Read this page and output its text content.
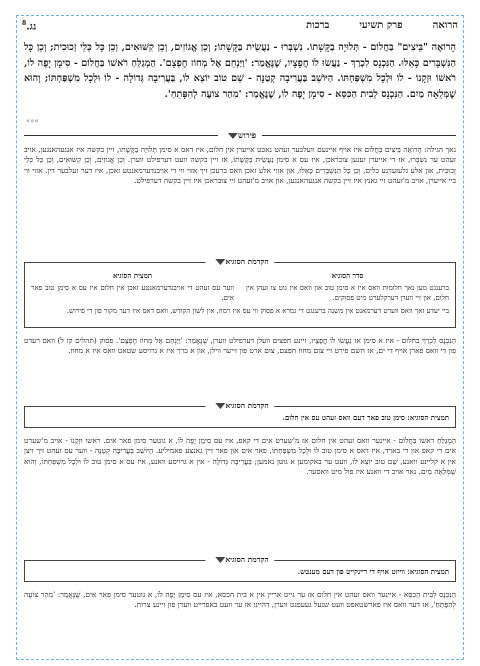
הרואה
פרק תשיעי
ברכות
נג.$^8$
הָרוֹאֶה "בֵּיצִים" בַּחֲלוֹם - תְּלוּיָה בַקָּשָׁתוֹ. נִשְׁבְּרוּ - נַעֲשֵׂית בַּקָּשָׁתוֹ; וְכֵן אֱגוֹזִים, וְכֵן קִשּׁוּאִים, וְכֵן כָּל כְּלֵי זְכוּכִית; וְכֵן כָּל הַנִּשְׁבָּרִים כָּאֵלּוּ. הַנִּכְנָס לִכְרַךְ - נַעֲשׂוּ לוֹ חֲפָצָיו, שֶׁנֶּאֱמַר: 'וַיַּנְחֵם אֶל מְחוֹז חֶפְצָם'. הַמְגַלֵּחַ רֹאשׁוֹ בַּחֲלוֹם - סִימָן יָפֶה לוֹ, רֹאשׁוֹ וּזְקָנוֹ - לוֹ וּלְכָל מִשְׁפַּחְתּוֹ. הַיּוֹשֵׁב בַּעֲרִיבָה קְטַנָּה - שֵׁם טוֹב יוֹצֵא לוֹ, בַּעֲרִיבָה גְּדוֹלָה - לוֹ וּלְכָל מִשְׁפַּחְתּוֹ; וְהוּא שֶׁמְּלֵאָה מַיִם. הַנִּכְנָס לְבִית הַכִּסֵּא - סִימָן יָפֶה לוֹ, שֶׁנֶּאֱמַר: 'מִהַר צוֹעֶה לְהִפָּתֵחַ'.
«««
פירוש
נאך הגילה: הָרוֹאֶה בֵּיצִים בַּחֲלוֹם איז אויף איינעם וועלכער זעהט נאכט אייערן אין חלום, איז דאס א סימן תְּלוּיָה בַקָּשָׁתוֹ, זיין בקשה איז אנגעהאנגען, אויב זעהט ער נִשְׁבְּרוּ, אז די אייערן זענען צובראכן, איז עס א סימן נַעֲשֵׂית בַּקָּשָׁתוֹ, אז זיין בקשה וועט דערפילט ווערן. וְכֵן אֱגוֹזִים, וְכֵן קִשּׁוּאִים, וְכֵן כָּל כְּלֵי זְכוּכִית, און אלע גלעזערנע כלים, וְכֵן כָּל הַנִּשְׁבָּרִים כָּאֵלּוּ, און אזוי אלע זאכן וואס ברעכן זיך אזוי ווי די אויבנדערמאנטע זאכן, איז דער זעלבער דין. אזוי ווי ביי אייערן, אויב מ'זעהט זיי גאנץ איז זיין בקשה אנגעהאנגען, און אויב מ'זעהט זיי צובראכן איז זיין בקשה דערפילט.
הקדמת הסוגיא
סדר הסוגיא
ברענגט מען נאך חלומות וואס איז א סימן טוב און וואס איז גוט צו זעהן אין חלום, און זיי ווערן דערקלערט מיט פסוקים.
תמצית הסוגיא
ווער עס זעהט די אויבנדערמאנטע זאכן אין חלום איז עס א סימן טוב פאר אים.
ביי יעדע זאך וואס ווערט דערמאנט אין משנה ברענגט די גמרא א פסוק ווי עס איז רמוז, אין לשון הקודש, וואס דאס איז דער מקור פון די פירוש.
הַנִּכְנָס לִכְרַךְ בחלום - איז א סימן אז נַעֲשׂוּ לוֹ חֲפָצָיו, זיינע חפצים וועלן דערפילט ווערן, שֶׁנֶּאֱמַר: 'וַיַּנְחֵם אֶל מְחוֹז חֶפְצָם'. פסוק (תהלים קז ל) וואס רעדט פון די וואס פארן אויף די ים, אז השם פירט זיי צום מחוז חפצם, צום ארט פון זייער ווילן, און א כרך איז א גרויסע שטאט וואס איז א מחוז.
הקדמת הסוגיא
תמצית הסוגיא: סימן טוב פאר דעם וואס זעהט עס אין חלום.
הַמְגַלֵּחַ רֹאשׁוֹ בַּחֲלוֹם - איינער וואס זעהט אין חלום אז מ'שערט אים די קאפ, איז עס סִימָן יָפֶה לוֹ, א גוטער סימן פאר אים. רֹאשׁוֹ וּזְקָנוֹ - אויב מ'שערט אים די קאפ און די בארד, איז דאס א סימן טוב לוֹ וּלְכָל מִשְׁפַּחְתּוֹ, פאר אים און פאר זיין גאנצע פאמיליע. הַיּוֹשֵׁב בַּעֲרִיבָה קְטַנָּה - ווער עס זעהט זיך זיצן אין א קליינע וואנע, שֵׁם טוֹב יוֹצֵא לוֹ, וועט ער באקומען א גוטן נאמען; בַּעֲרִיבָה גְּדוֹלָה - אין א גרויסע וואנע, איז עס א סימן טוב לוֹ וּלְכָל מִשְׁפַּחְתּוֹ, וְהוּא שֶׁמְּלֵאָה מַיִם, נאר אויב די וואנע איז פול מיט וואסער.
הקדמת הסוגיא
תמצית הסוגיא: ווייזט אויף די ריינקייט פון דעם מענטש.
הַנִּכְנָס לְבִית הַכִּסֵּא - איינער וואס זעהט אין חלום אז ער גייט אריין אין א בית הכסא, איז עס סִימָן יָפֶה לוֹ, א גוטער סימן פאר אים, שֶׁנֶּאֱמַר: 'מִהַר צוֹעֶה לְהִפָּתֵחַ', אז דער וואס איז פארשטאפט וועט שנעל געעפנט ווערן, דהיינו אז ער וועט באפרייט ווערן פון זיינע צרות.
